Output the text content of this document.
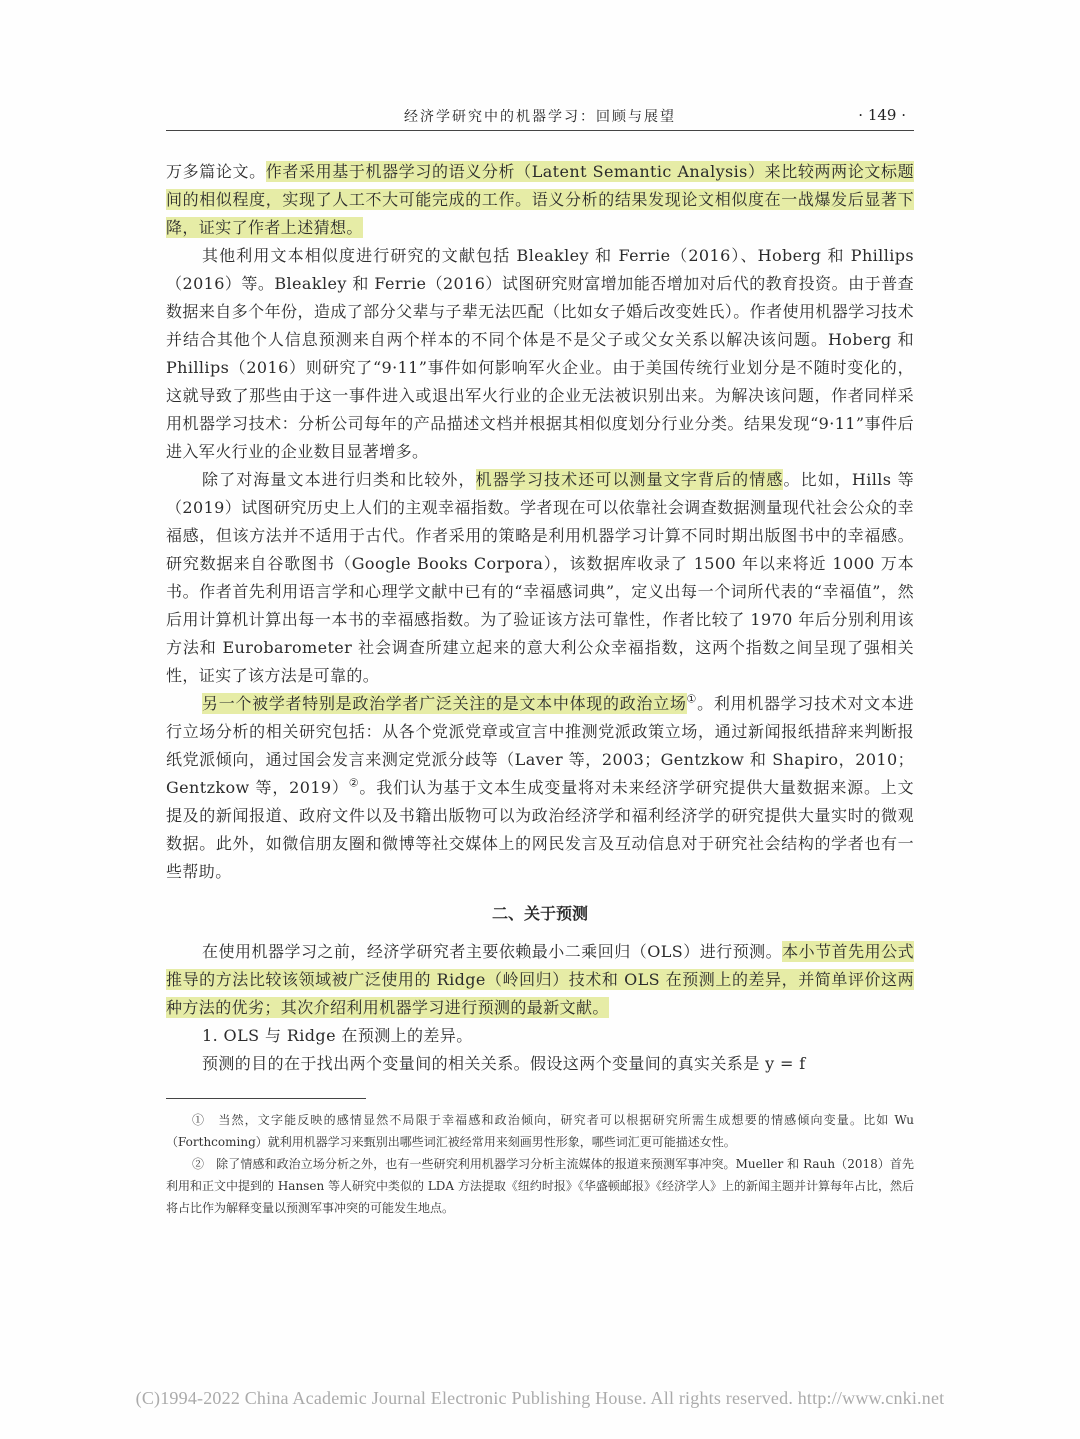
经济学研究中的机器学习：回顾与展望	· 149 ·

万多篇论文。作者采用基于机器学习的语义分析（Latent Semantic Analysis）来比较两两论文标题间的相似程度，实现了人工不大可能完成的工作。语义分析的结果发现论文相似度在一战爆发后显著下降，证实了作者上述猜想。

其他利用文本相似度进行研究的文献包括 Bleakley 和 Ferrie（2016）、Hoberg 和 Phillips（2016）等。Bleakley 和 Ferrie（2016）试图研究财富增加能否增加对后代的教育投资。由于普查数据来自多个年份，造成了部分父辈与子辈无法匹配（比如女子婚后改变姓氏）。作者使用机器学习技术并结合其他个人信息预测来自两个样本的不同个体是不是父子或父女关系以解决该问题。Hoberg 和 Phillips（2016）则研究了“9·11”事件如何影响军火企业。由于美国传统行业划分是不随时变化的，这就导致了那些由于这一事件进入或退出军火行业的企业无法被识别出来。为解决该问题，作者同样采用机器学习技术：分析公司每年的产品描述文档并根据其相似度划分行业分类。结果发现“9·11”事件后进入军火行业的企业数目显著增多。

除了对海量文本进行归类和比较外，机器学习技术还可以测量文字背后的情感。比如，Hills 等（2019）试图研究历史上人们的主观幸福指数。学者现在可以依靠社会调查数据测量现代社会公众的幸福感，但该方法并不适用于古代。作者采用的策略是利用机器学习计算不同时期出版图书中的幸福感。研究数据来自谷歌图书（Google Books Corpora），该数据库收录了 1500 年以来将近 1000 万本书。作者首先利用语言学和心理学文献中已有的“幸福感词典”，定义出每一个词所代表的“幸福值”，然后用计算机计算出每一本书的幸福感指数。为了验证该方法可靠性，作者比较了 1970 年后分别利用该方法和 Eurobarometer 社会调查所建立起来的意大利公众幸福指数，这两个指数之间呈现了强相关性，证实了该方法是可靠的。

另一个被学者特别是政治学者广泛关注的是文本中体现的政治立场①。利用机器学习技术对文本进行立场分析的相关研究包括：从各个党派党章或宣言中推测党派政策立场，通过新闻报纸措辞来判断报纸党派倾向，通过国会发言来测定党派分歧等（Laver 等，2003；Gentzkow 和 Shapiro，2010；Gentzkow 等，2019）②。我们认为基于文本生成变量将对未来经济学研究提供大量数据来源。上文提及的新闻报道、政府文件以及书籍出版物可以为政治经济学和福利经济学的研究提供大量实时的微观数据。此外，如微信朋友圈和微博等社交媒体上的网民发言及互动信息对于研究社会结构的学者也有一些帮助。

二、关于预测

在使用机器学习之前，经济学研究者主要依赖最小二乘回归（OLS）进行预测。本小节首先用公式推导的方法比较该领域被广泛使用的 Ridge（岭回归）技术和 OLS 在预测上的差异，并简单评价这两种方法的优劣；其次介绍利用机器学习进行预测的最新文献。

1. OLS 与 Ridge 在预测上的差异。

预测的目的在于找出两个变量间的相关关系。假设这两个变量间的真实关系是 y = f

①　当然，文字能反映的感情显然不局限于幸福感和政治倾向，研究者可以根据研究所需生成想要的情感倾向变量。比如 Wu（Forthcoming）就利用机器学习来甄别出哪些词汇被经常用来刻画男性形象，哪些词汇更可能描述女性。

②　除了情感和政治立场分析之外，也有一些研究利用机器学习分析主流媒体的报道来预测军事冲突。Mueller 和 Rauh（2018）首先利用和正文中提到的 Hansen 等人研究中类似的 LDA 方法提取《纽约时报》《华盛顿邮报》《经济学人》上的新闻主题并计算每年占比，然后将占比作为解释变量以预测军事冲突的可能发生地点。

(C)1994-2022 China Academic Journal Electronic Publishing House. All rights reserved. http://www.cnki.net
